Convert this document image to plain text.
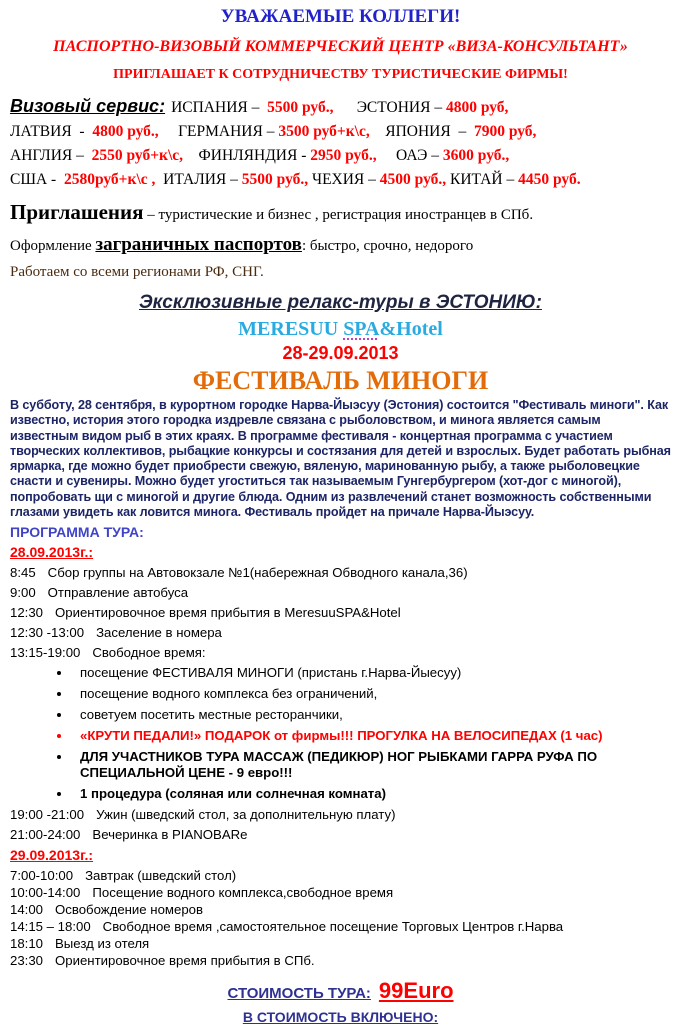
УВАЖАЕМЫЕ КОЛЛЕГИ!
ПАСПОРТНО-ВИЗОВЫЙ КОММЕРЧЕСКИЙ ЦЕНТР «ВИЗА-КОНСУЛЬТАНТ»
ПРИГЛАШАЕТ К СОТРУДНИЧЕСТВУ ТУРИСТИЧЕСКИЕ ФИРМЫ!

Визовый сервис: ИСПАНИЯ –  5500 руб.,      ЭСТОНИЯ – 4800 руб,

ЛАТВИЯ  -  4800 руб.,     ГЕРМАНИЯ – 3500 руб+к\с,    ЯПОНИЯ  –  7900 руб,

АНГЛИЯ –  2550 руб+к\с,    ФИНЛЯНДИЯ - 2950 руб.,     ОАЭ – 3600 руб.,

США -  2580руб+к\с ,  ИТАЛИЯ – 5500 руб., ЧЕХИЯ – 4500 руб., КИТАЙ – 4450 руб.

Приглашения – туристические и бизнес , регистрация иностранцев в СПб.

Оформление заграничных паспортов: быстро, срочно, недорого

Работаем со всеми регионами РФ, СНГ.

Эксклюзивные релакс-туры в ЭСТОНИЮ:
MERESUU SPA&Hotel
28-29.09.2013
ФЕСТИВАЛЬ МИНОГИ

В субботу, 28 сентября, в курортном городке Нарва-Йыэсуу (Эстония) состоится "Фестиваль миноги". Как известно, история этого городка издревле связана с рыболовством, и минога является самым известным видом рыб в этих краях. В программе фестиваля - концертная программа с участием творческих коллективов, рыбацкие конкурсы и состязания для детей и взрослых. Будет работать рыбная ярмарка, где можно будет приобрести свежую, вяленую, маринованную рыбу, а также рыболовецкие снасти и сувениры. Можно будет угоститься так называемым Гунгербургером (хот-дог с миногой), попробовать щи с миногой и другие блюда. Одним из развлечений станет возможность собственными глазами увидеть как ловится минога. Фестиваль пройдет на причале Нарва-Йыэсуу.

ПРОГРАММА ТУРА:
28.09.2013г.:

8:45 Сбор группы на Автовокзале №1(набережная Обводного канала,36)

9:00 Отправление автобуса

12:30 Ориентировочное время прибытия в MeresuuSPA&Hotel

12:30 -13:00 Заселение в номера

13:15-19:00 Свободное время:

• посещение ФЕСТИВАЛЯ МИНОГИ (пристань г.Нарва-Йыесуу)
• посещение водного комплекса без ограничений,
• советуем посетить местные ресторанчики,
• «КРУТИ ПЕДАЛИ!» ПОДАРОК от фирмы!!! ПРОГУЛКА НА ВЕЛОСИПЕДАХ (1 час)
• ДЛЯ УЧАСТНИКОВ ТУРА МАССАЖ (ПЕДИКЮР) НОГ РЫБКАМИ ГАРРА РУФА ПО СПЕЦИАЛЬНОЙ ЦЕНЕ - 9 евро!!!
• 1 процедура (соляная или солнечная комната)

19:00 -21:00 Ужин (шведский стол, за дополнительную плату)

21:00-24:00 Вечеринка в PIANOBARе

29.09.2013г.:

7:00-10:00 Завтрак (шведский стол)

10:00-14:00 Посещение водного комплекса,свободное время

14:00 Освобождение номеров

14:15 – 18:00 Свободное время ,самостоятельное посещение Торговых Центров г.Нарва

18:10 Выезд из отеля

23:30 Ориентировочное время прибытия в СПб.

СТОИМОСТЬ ТУРА: 99Euro

В СТОИМОСТЬ ВКЛЮЧЕНО:
